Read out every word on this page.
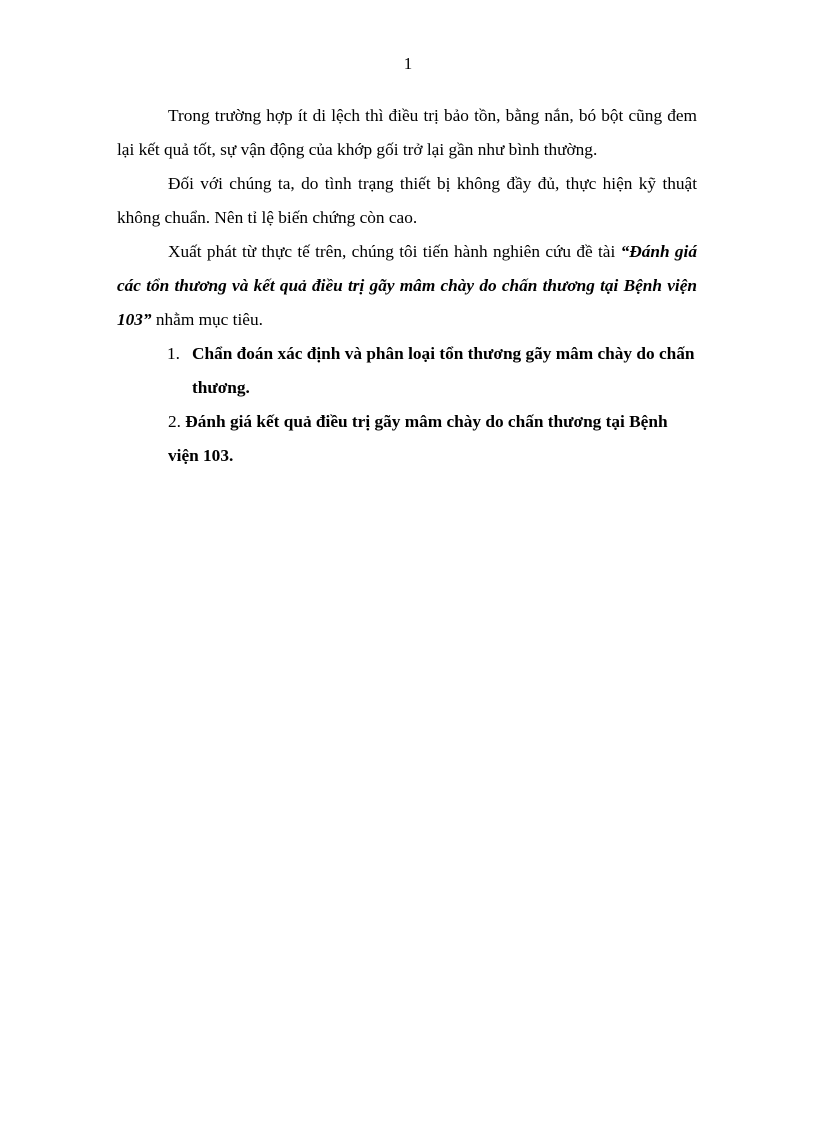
1

Trong trường hợp ít di lệch thì điều trị bảo tồn, bằng nắn, bó bột cũng đem lại kết quả tốt, sự vận động của khớp gối trở lại gần như bình thường.

Đối với chúng ta, do tình trạng thiết bị không đầy đủ, thực hiện kỹ thuật không chuẩn. Nên tỉ lệ biến chứng còn cao.

Xuất phát từ thực tế trên, chúng tôi tiến hành nghiên cứu đề tài “Đánh giá các tổn thương và kết quả điều trị gãy mâm chày do chấn thương tại Bệnh viện 103” nhằm mục tiêu.

1. Chẩn đoán xác định và phân loại tổn thương gãy mâm chày do chấn thương.

2. Đánh giá kết quả điều trị gãy mâm chày do chấn thương tại Bệnh viện 103.
